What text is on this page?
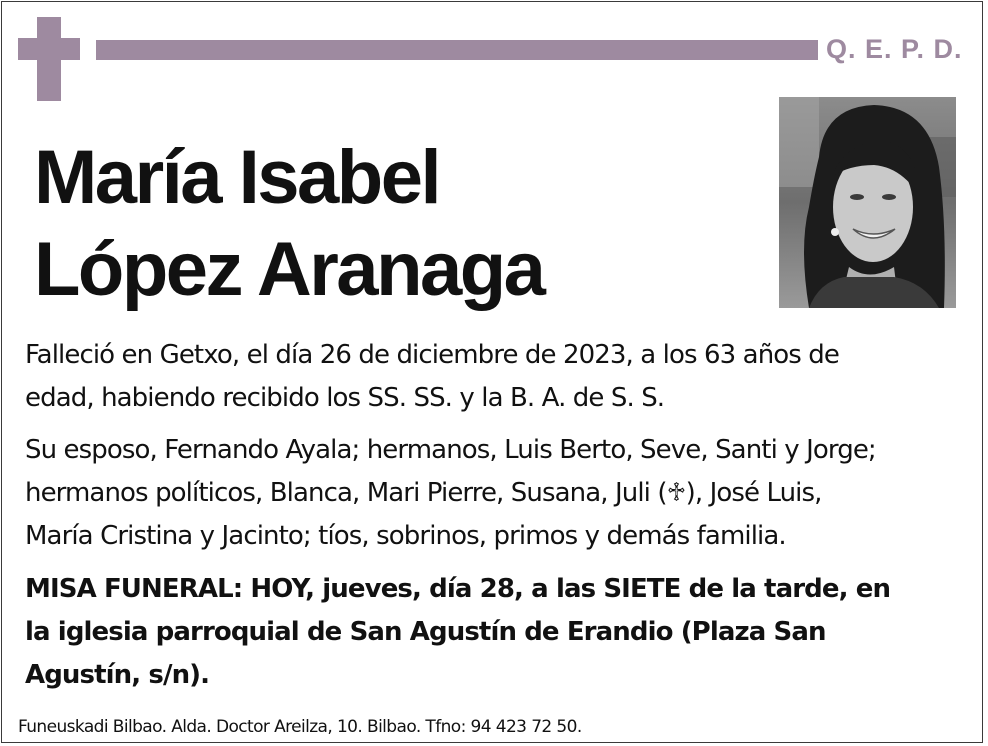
Q. E. P. D.
María Isabel
López Aranaga
Falleció en Getxo, el día 26 de diciembre de 2023, a los 63 años de
edad, habiendo recibido los SS. SS. y la B. A. de S. S.
Su esposo, Fernando Ayala; hermanos, Luis Berto, Seve, Santi y Jorge;
hermanos políticos, Blanca, Mari Pierre, Susana, Juli (♱), José Luis,
María Cristina y Jacinto; tíos, sobrinos, primos y demás familia.
MISA FUNERAL: HOY, jueves, día 28, a las SIETE de la tarde, en
la iglesia parroquial de San Agustín de Erandio (Plaza San
Agustín, s/n).
Funeuskadi Bilbao. Alda. Doctor Areilza, 10. Bilbao. Tfno: 94 423 72 50.
